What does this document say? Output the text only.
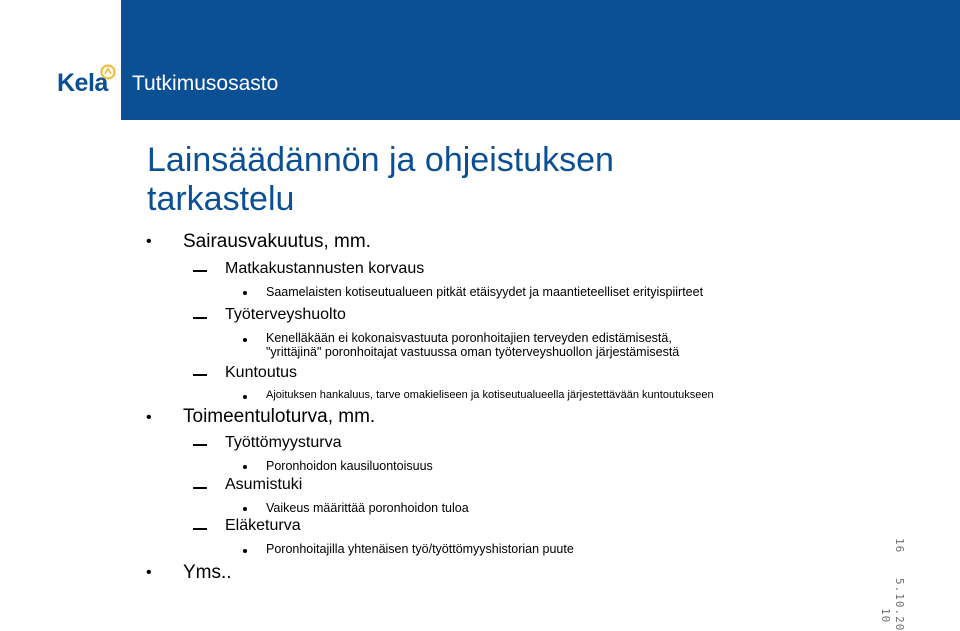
Kela Tutkimusosasto
Lainsäädännön ja ohjeistuksen
tarkastelu
• Sairausvakuutus, mm.
Matkakustannusten korvaus
Saamelaisten kotiseutualueen pitkät etäisyydet ja maantieteelliset erityispiirteet
Työterveyshuolto
Kenelläkään ei kokonaisvastuuta poronhoitajien terveyden edistämisestä,
"yrittäjinä" poronhoitajat vastuussa oman työterveyshuollon järjestämisestä
Kuntoutus
Ajoituksen hankaluus, tarve omakieliseen ja kotiseutualueella järjestettävään kuntoutukseen
• Toimeentuloturva, mm.
Työttömyysturva
Poronhoidon kausiluontoisuus
Asumistuki
Vaikeus määrittää poronhoidon tuloa
Eläketurva
Poronhoitajilla yhtenäisen työ/työttömyyshistorian puute
• Yms..
16
5.10.20
10
